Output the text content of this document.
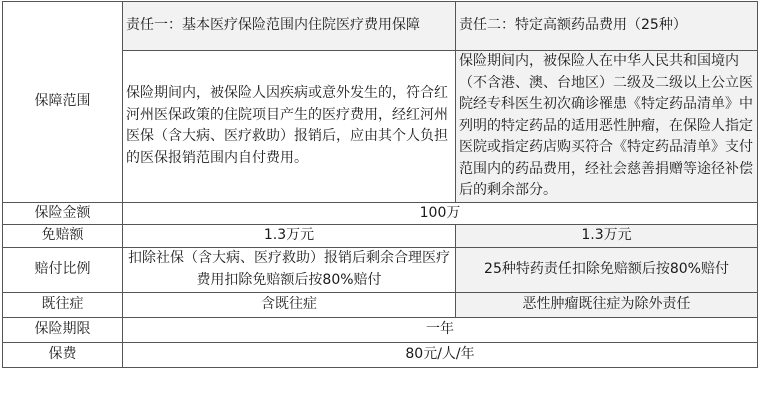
保障范围	责任一：基本医疗保险范围内住院医疗费用保障	责任二：特定高额药品费用（25种）
	保险期间内，被保险人因疾病或意外发生的，符合红河州医保政策的住院项目产生的医疗费用，经红河州医保（含大病、医疗救助）报销后，应由其个人负担的医保报销范围内自付费用。	保险期间内，被保险人在中华人民共和国境内（不含港、澳、台地区）二级及二级以上公立医院经专科医生初次确诊罹患《特定药品清单》中列明的特定药品的适用恶性肿瘤，在保险人指定医院或指定药店购买符合《特定药品清单》支付范围内的药品费用，经社会慈善捐赠等途径补偿后的剩余部分。
保险金额	100万	
免赔额	1.3万元	1.3万元
赔付比例	扣除社保（含大病、医疗救助）报销后剩余合理医疗费用扣除免赔额后按80%赔付	25种特药责任扣除免赔额后按80%赔付
既往症	含既往症	恶性肿瘤既往症为除外责任
保险期限	一年	
保费	80元/人/年	
